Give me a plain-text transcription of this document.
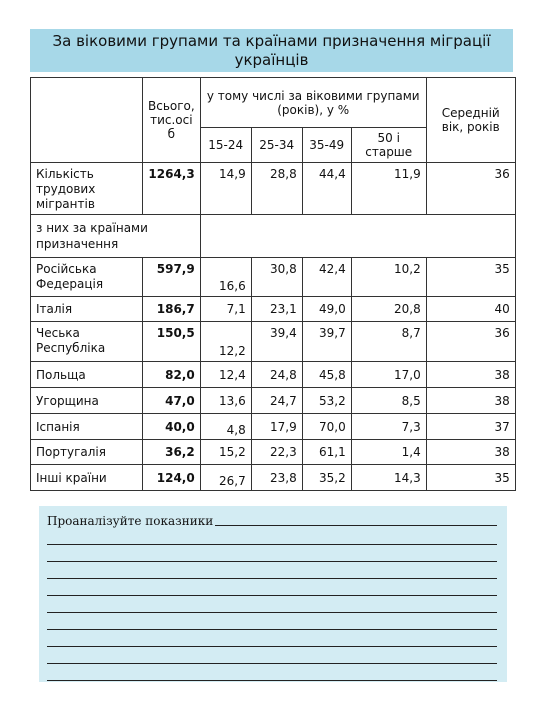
За віковими групами та країнами призначення міграції українців
	Всього, тис.осі б	у тому числі за віковими групами (років), у %				Середній вік, років
		15-24	25-34	35-49	50 і старше	
Кількість трудових мігрантів	1264,3	14,9	28,8	44,4	11,9	36
з них за країнами призначення						
Російська Федерація	597,9	16,6	30,8	42,4	10,2	35
Італія	186,7	7,1	23,1	49,0	20,8	40
Чеська Республіка	150,5	12,2	39,4	39,7	8,7	36
Польща	82,0	12,4	24,8	45,8	17,0	38
Угорщина	47,0	13,6	24,7	53,2	8,5	38
Іспанія	40,0	4,8	17,9	70,0	7,3	37
Португалія	36,2	15,2	22,3	61,1	1,4	38
Інші країни	124,0	26,7	23,8	35,2	14,3	35
Проаналізуйте показники
